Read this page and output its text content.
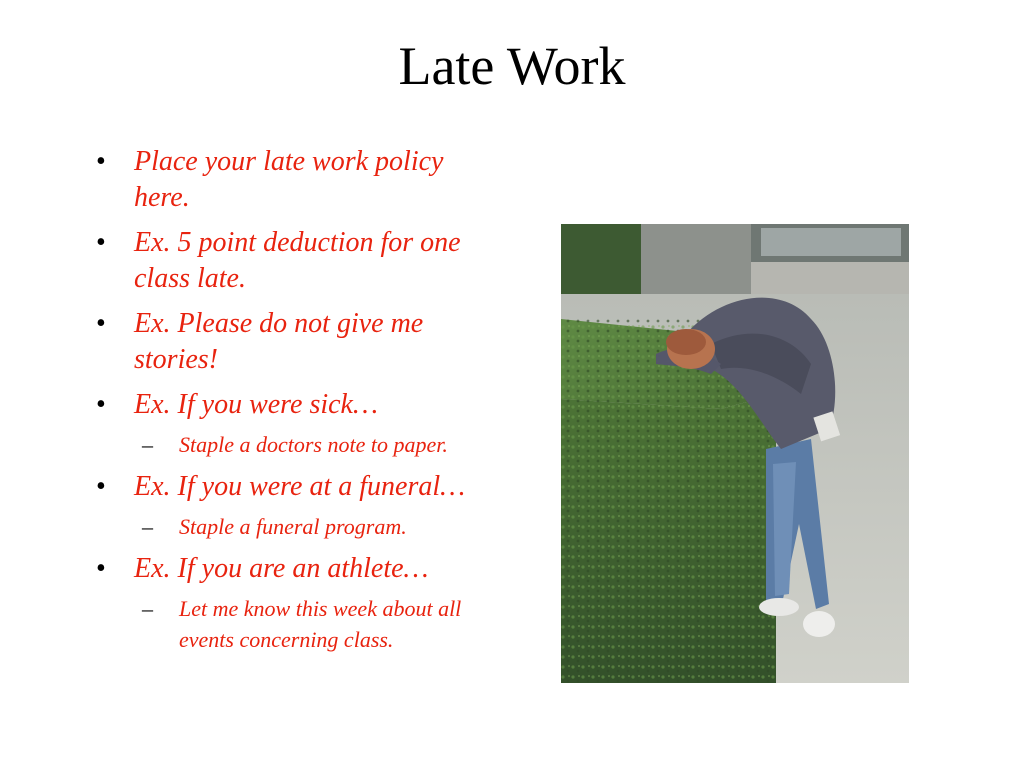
Late Work
•	Place your late work policy here.
•	Ex. 5 point deduction for one class late.
•	Ex. Please do not give me stories!
•	Ex. If you were sick…
–	Staple a doctors note to paper.
•	Ex. If you were at a funeral…
–	Staple a funeral program.
•	Ex. If you are an athlete…
–	Let me know this week about all events concerning class.
